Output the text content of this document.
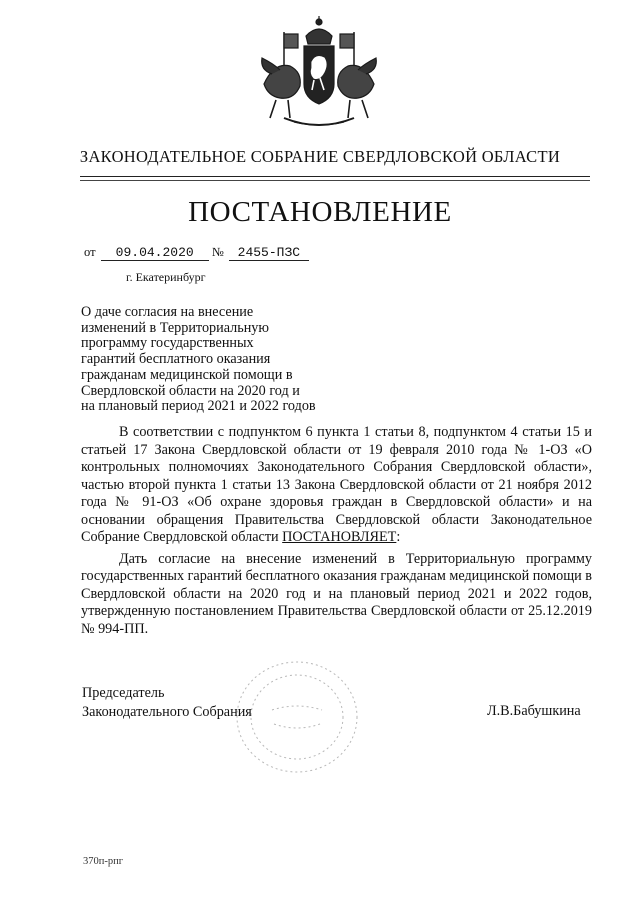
ЗАКОНОДАТЕЛЬНОЕ СОБРАНИЕ СВЕРДЛОВСКОЙ ОБЛАСТИ
ПОСТАНОВЛЕНИЕ
от 09.04.2020 № 2455-ПЗС
г. Екатеринбург
О даче согласия на внесение
изменений в Территориальную
программу государственных
гарантий бесплатного оказания
гражданам медицинской помощи в
Свердловской области на 2020 год и
на плановый период 2021 и 2022 годов

В соответствии с подпунктом 6 пункта 1 статьи 8, подпунктом 4 статьи 15 и статьей 17 Закона Свердловской области от 19 февраля 2010 года № 1-ОЗ «О контрольных полномочиях Законодательного Собрания Свердловской области», частью второй пункта 1 статьи 13 Закона Свердловской области от 21 ноября 2012 года № 91-ОЗ «Об охране здоровья граждан в Свердловской области» и на основании обращения Правительства Свердловской области Законодательное Собрание Свердловской области ПОСТАНОВЛЯЕТ:

Дать согласие на внесение изменений в Территориальную программу государственных гарантий бесплатного оказания гражданам медицинской помощи в Свердловской области на 2020 год и на плановый период 2021 и 2022 годов, утвержденную постановлением Правительства Свердловской области от 25.12.2019 № 994-ПП.

Председатель
Законодательного Собрания	Л.В.Бабушкина
370п-рпг
